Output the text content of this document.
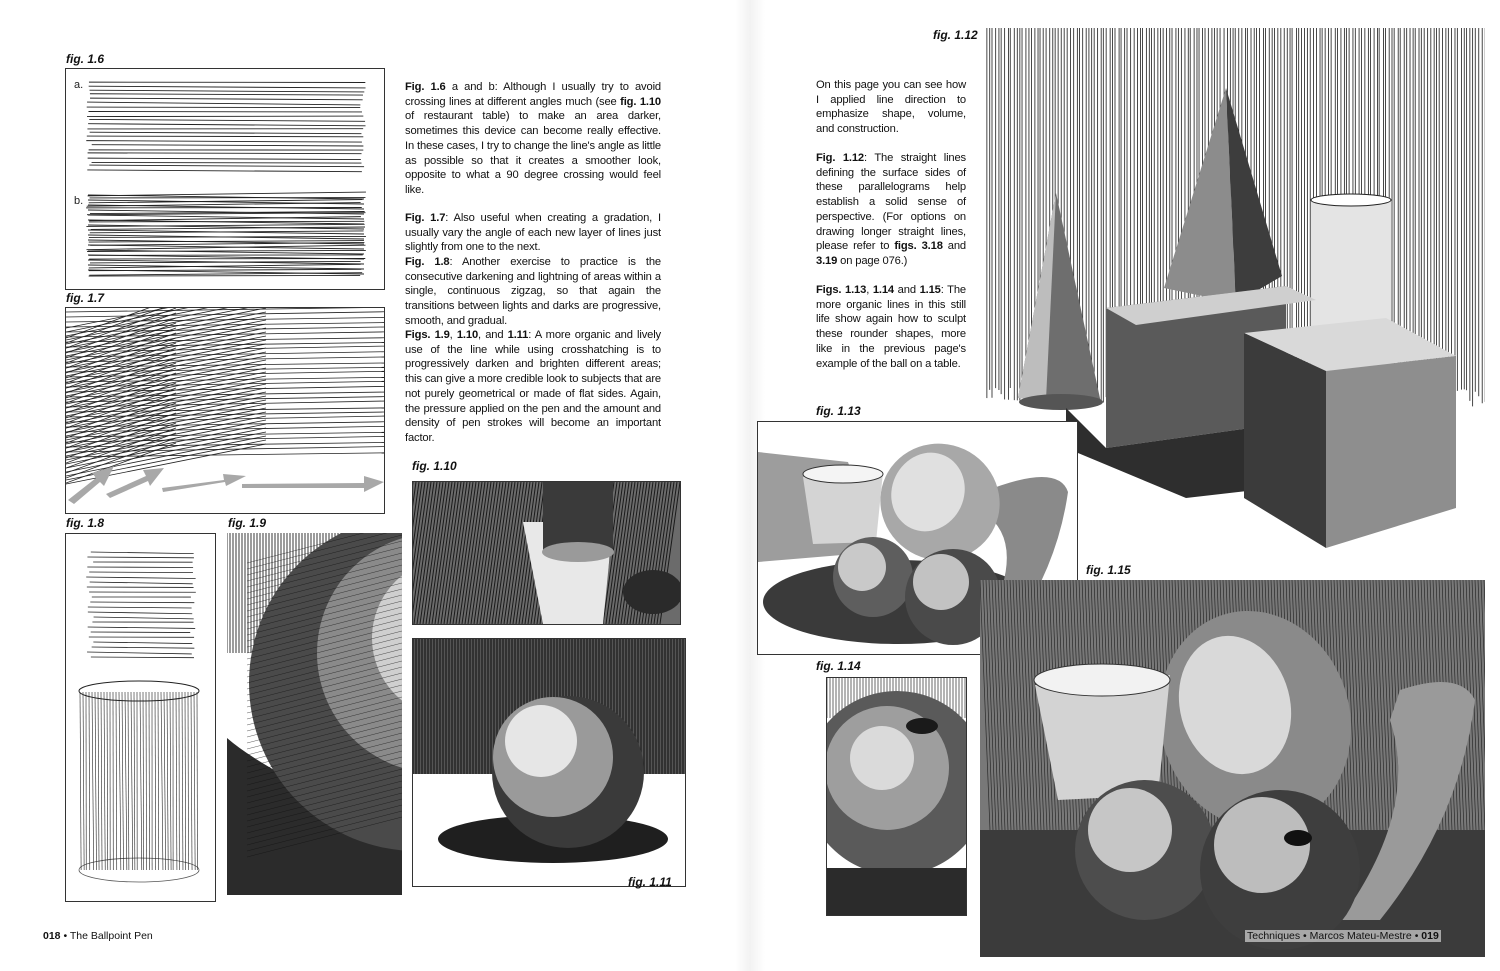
fig. 1.6
a.
b.
fig. 1.7
fig. 1.8	fig. 1.9
fig. 1.10
fig. 1.11

Fig. 1.6 a and b: Although I usually try to avoid crossing lines at different angles much (see fig. 1.10 of restaurant table) to make an area darker, sometimes this device can become really effective. In these cases, I try to change the line's angle as little as possible so that it creates a smoother look, opposite to what a 90 degree crossing would feel like.

Fig. 1.7: Also useful when creating a gradation, I usually vary the angle of each new layer of lines just slightly from one to the next.

Fig. 1.8: Another exercise to practice is the consecutive darkening and lightning of areas within a single, continuous zigzag, so that again the transitions between lights and darks are progressive, smooth, and gradual.

Figs. 1.9, 1.10, and 1.11: A more organic and lively use of the line while using crosshatching is to progressively darken and brighten different areas; this can give a more credible look to subjects that are not purely geometrical or made of flat sides. Again, the pressure applied on the pen and the amount and density of pen strokes will become an important factor.

018 • The Ballpoint Pen
fig. 1.12

On this page you can see how I applied line direction to emphasize shape, volume, and construction.

Fig. 1.12: The straight lines defining the surface sides of these parallelograms help establish a solid sense of perspective. (For options on drawing longer straight lines, please refer to figs. 3.18 and 3.19 on page 076.)

Figs. 1.13, 1.14 and 1.15: The more organic lines in this still life show again how to sculpt these rounder shapes, more like in the previous page's example of the ball on a table.

fig. 1.13
fig. 1.14
fig. 1.15
Techniques • Marcos Mateu-Mestre • 019
